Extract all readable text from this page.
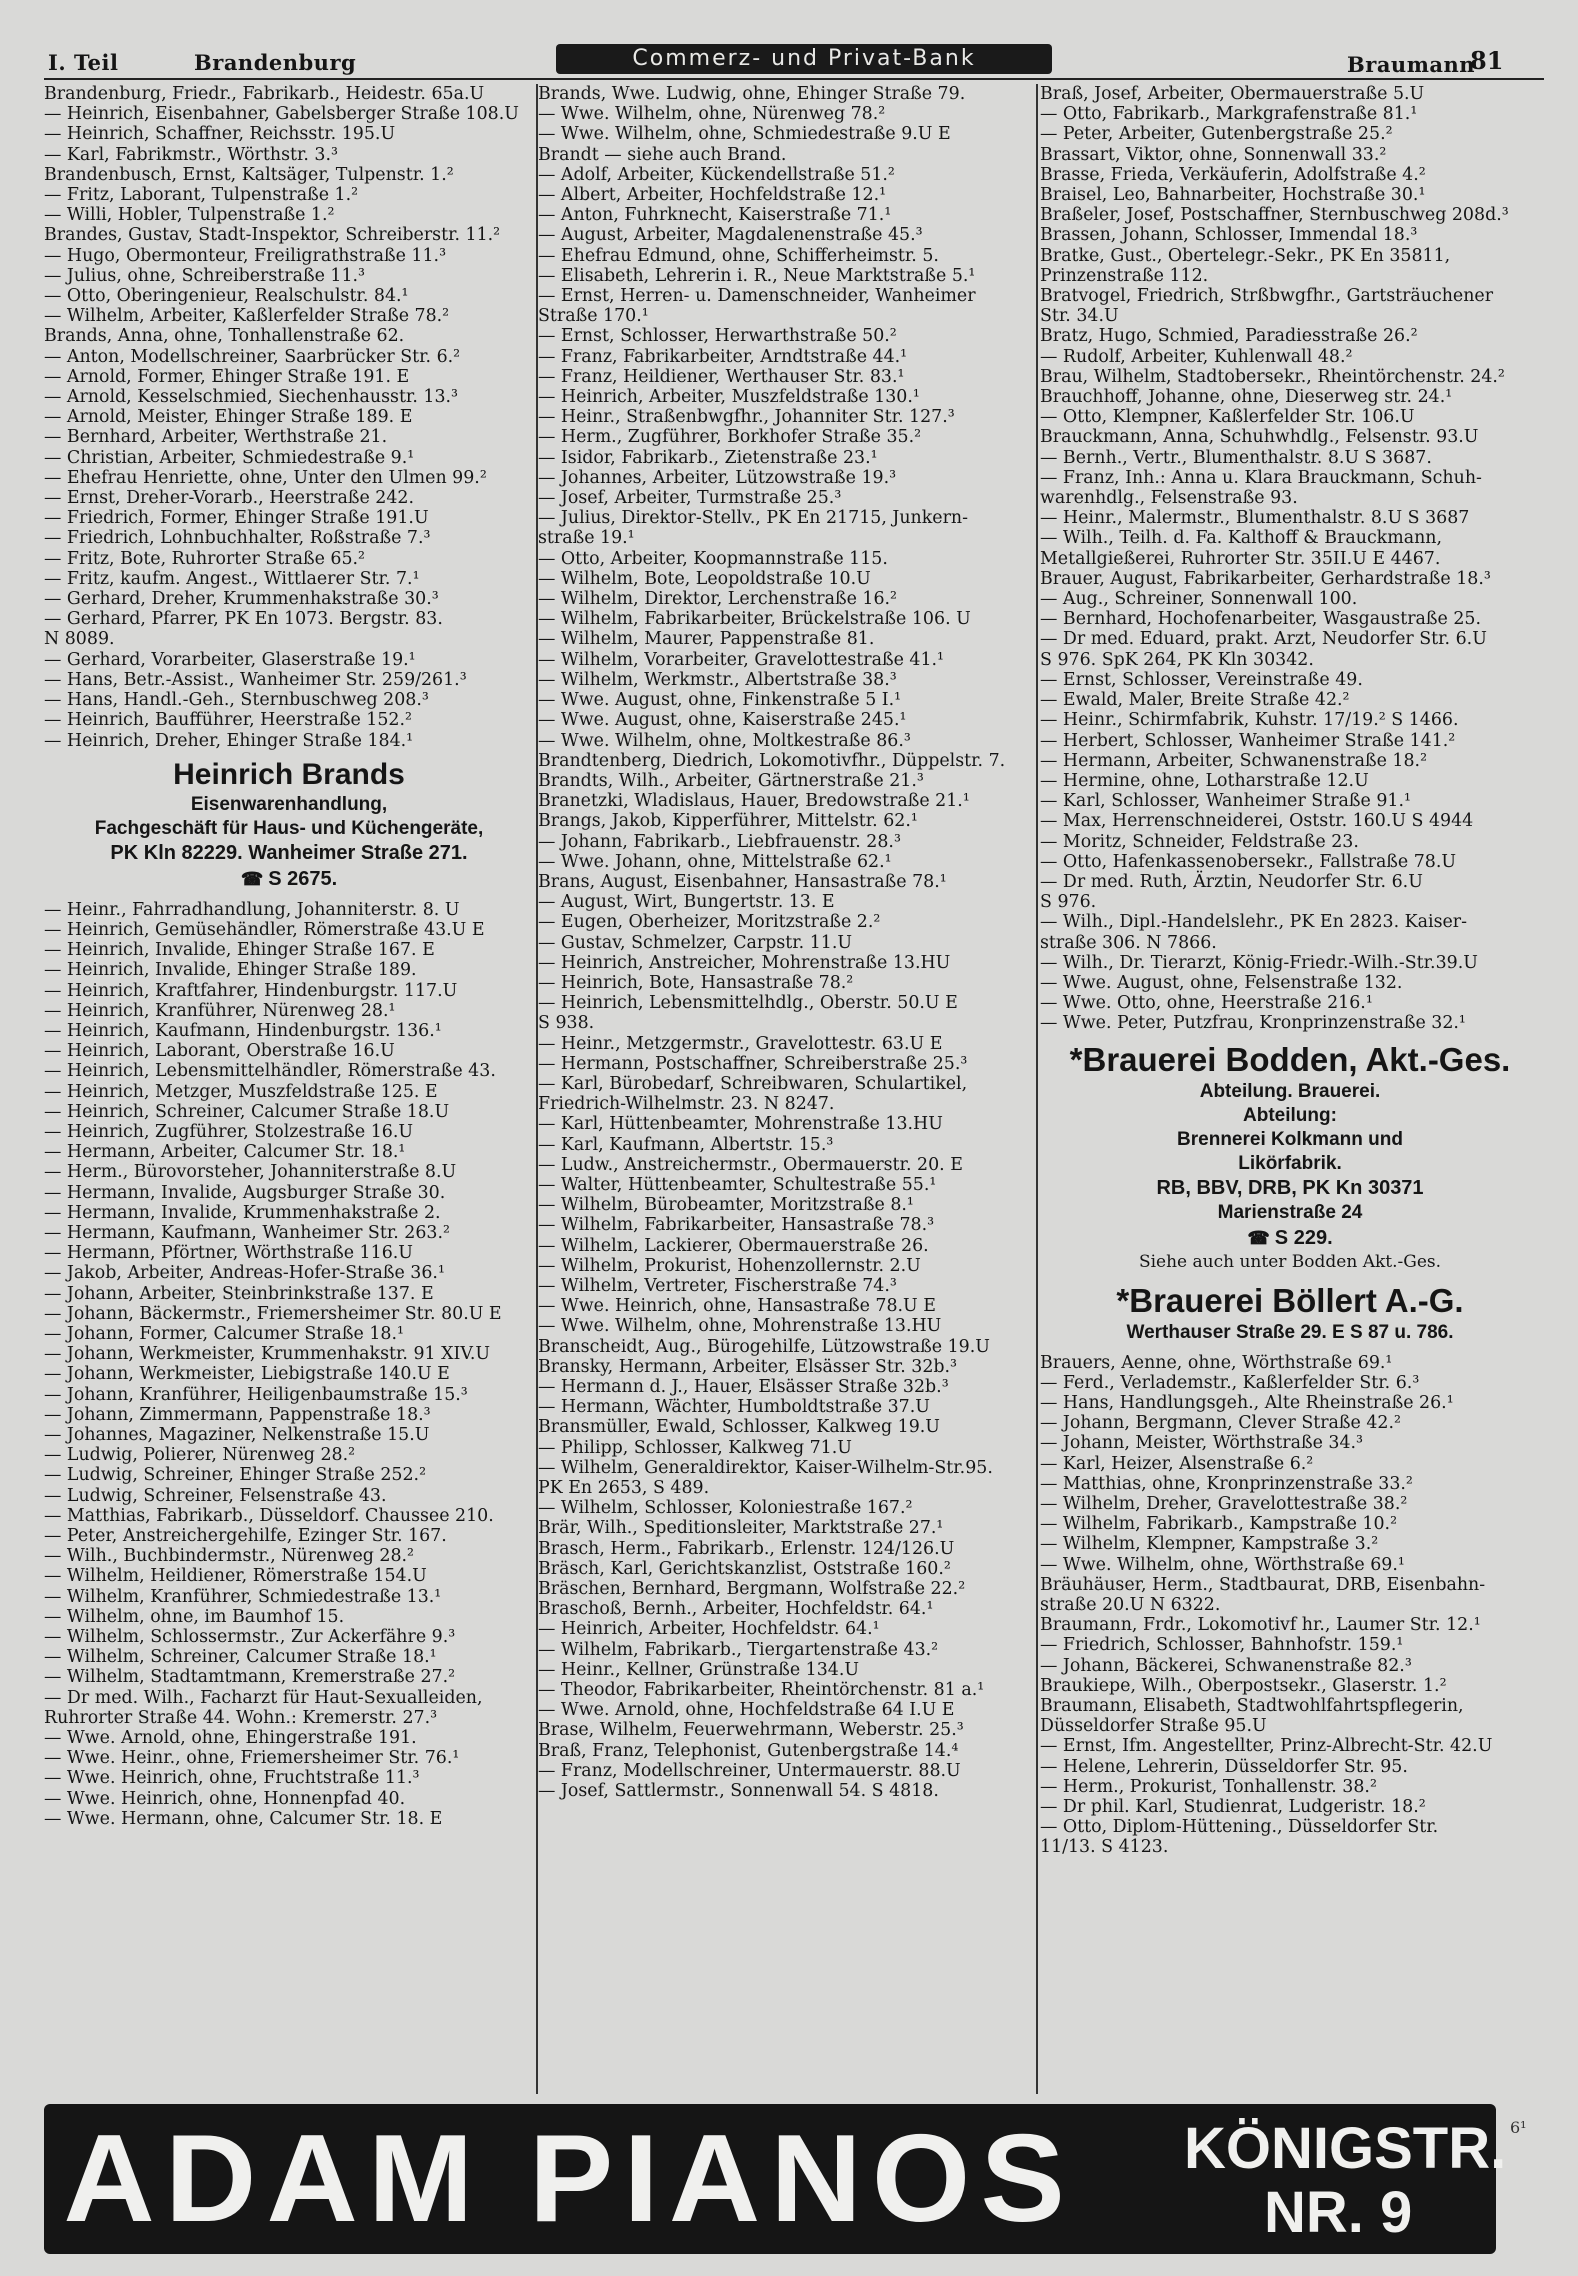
I. Teil	Brandenburg	Commerz- und Privat-Bank	Braumann
81
Brandenburg, Friedr., Fabrikarb., Heidestr. 65a.U
— Heinrich, Eisenbahner, Gabelsberger Straße 108.U
— Heinrich, Schaffner, Reichsstr. 195.U
— Karl, Fabrikmstr., Wörthstr. 3.³
Brandenbusch, Ernst, Kaltsäger, Tulpenstr. 1.²
— Fritz, Laborant, Tulpenstraße 1.²
— Willi, Hobler, Tulpenstraße 1.²
Brandes, Gustav, Stadt-Inspektor, Schreiberstr. 11.²
— Hugo, Obermonteur, Freiligrathstraße 11.³
— Julius, ohne, Schreiberstraße 11.³
— Otto, Oberingenieur, Realschulstr. 84.¹
— Wilhelm, Arbeiter, Kaßlerfelder Straße 78.²
Brands, Anna, ohne, Tonhallenstraße 62.
— Anton, Modellschreiner, Saarbrücker Str. 6.²
— Arnold, Former, Ehinger Straße 191. E
— Arnold, Kesselschmied, Siechenhausstr. 13.³
— Arnold, Meister, Ehinger Straße 189. E
— Bernhard, Arbeiter, Werthstraße 21.
— Christian, Arbeiter, Schmiedestraße 9.¹
— Ehefrau Henriette, ohne, Unter den Ulmen 99.²
— Ernst, Dreher-Vorarb., Heerstraße 242.
— Friedrich, Former, Ehinger Straße 191.U
— Friedrich, Lohnbuchhalter, Roßstraße 7.³
— Fritz, Bote, Ruhrorter Straße 65.²
— Fritz, kaufm. Angest., Wittlaerer Str. 7.¹
— Gerhard, Dreher, Krummenhakstraße 30.³
— Gerhard, Pfarrer, PK En 1073. Bergstr. 83.
N 8089.
— Gerhard, Vorarbeiter, Glaserstraße 19.¹
— Hans, Betr.-Assist., Wanheimer Str. 259/261.³
— Hans, Handl.-Geh., Sternbuschweg 208.³
— Heinrich, Baufführer, Heerstraße 152.²
— Heinrich, Dreher, Ehinger Straße 184.¹
Heinrich Brands
Eisenwarenhandlung,
Fachgeschäft für Haus- und Küchengeräte,
PK Kln 82229. Wanheimer Straße 271.
☎ S 2675.
— Heinr., Fahrradhandlung, Johanniterstr. 8. U
— Heinrich, Gemüsehändler, Römerstraße 43.U E
— Heinrich, Invalide, Ehinger Straße 167. E
— Heinrich, Invalide, Ehinger Straße 189.
— Heinrich, Kraftfahrer, Hindenburgstr. 117.U
— Heinrich, Kranführer, Nürenweg 28.¹
— Heinrich, Kaufmann, Hindenburgstr. 136.¹
— Heinrich, Laborant, Oberstraße 16.U
— Heinrich, Lebensmittelhändler, Römerstraße 43.
— Heinrich, Metzger, Muszfeldstraße 125. E
— Heinrich, Schreiner, Calcumer Straße 18.U
— Heinrich, Zugführer, Stolzestraße 16.U
— Hermann, Arbeiter, Calcumer Str. 18.¹
— Herm., Bürovorsteher, Johanniterstraße 8.U
— Hermann, Invalide, Augsburger Straße 30.
— Hermann, Invalide, Krummenhakstraße 2.
— Hermann, Kaufmann, Wanheimer Str. 263.²
— Hermann, Pförtner, Wörthstraße 116.U
— Jakob, Arbeiter, Andreas-Hofer-Straße 36.¹
— Johann, Arbeiter, Steinbrinkstraße 137. E
— Johann, Bäckermstr., Friemersheimer Str. 80.U E
— Johann, Former, Calcumer Straße 18.¹
— Johann, Werkmeister, Krummenhakstr. 91 XIV.U
— Johann, Werkmeister, Liebigstraße 140.U E
— Johann, Kranführer, Heiligenbaumstraße 15.³
— Johann, Zimmermann, Pappenstraße 18.³
— Johannes, Magaziner, Nelkenstraße 15.U
— Ludwig, Polierer, Nürenweg 28.²
— Ludwig, Schreiner, Ehinger Straße 252.²
— Ludwig, Schreiner, Felsenstraße 43.
— Matthias, Fabrikarb., Düsseldorf. Chaussee 210.
— Peter, Anstreichergehilfe, Ezinger Str. 167.
— Wilh., Buchbindermstr., Nürenweg 28.²
— Wilhelm, Heildiener, Römerstraße 154.U
— Wilhelm, Kranführer, Schmiedestraße 13.¹
— Wilhelm, ohne, im Baumhof 15.
— Wilhelm, Schlossermstr., Zur Ackerfähre 9.³
— Wilhelm, Schreiner, Calcumer Straße 18.¹
— Wilhelm, Stadtamtmann, Kremerstraße 27.²
— Dr med. Wilh., Facharzt für Haut-Sexualleiden,
Ruhrorter Straße 44. Wohn.: Kremerstr. 27.³
— Wwe. Arnold, ohne, Ehingerstraße 191.
— Wwe. Heinr., ohne, Friemersheimer Str. 76.¹
— Wwe. Heinrich, ohne, Fruchtstraße 11.³
— Wwe. Heinrich, ohne, Honnenpfad 40.
— Wwe. Hermann, ohne, Calcumer Str. 18. E
Brands, Wwe. Ludwig, ohne, Ehinger Straße 79.
— Wwe. Wilhelm, ohne, Nürenweg 78.²
— Wwe. Wilhelm, ohne, Schmiedestraße 9.U E
Brandt — siehe auch Brand.
— Adolf, Arbeiter, Kückendellstraße 51.²
— Albert, Arbeiter, Hochfeldstraße 12.¹
— Anton, Fuhrknecht, Kaiserstraße 71.¹
— August, Arbeiter, Magdalenenstraße 45.³
— Ehefrau Edmund, ohne, Schifferheimstr. 5.
— Elisabeth, Lehrerin i. R., Neue Marktstraße 5.¹
— Ernst, Herren- u. Damenschneider, Wanheimer
Straße 170.¹
— Ernst, Schlosser, Herwarthstraße 50.²
— Franz, Fabrikarbeiter, Arndtstraße 44.¹
— Franz, Heildiener, Werthauser Str. 83.¹
— Heinrich, Arbeiter, Muszfeldstraße 130.¹
— Heinr., Straßenbwgfhr., Johanniter Str. 127.³
— Herm., Zugführer, Borkhofer Straße 35.²
— Isidor, Fabrikarb., Zietenstraße 23.¹
— Johannes, Arbeiter, Lützowstraße 19.³
— Josef, Arbeiter, Turmstraße 25.³
— Julius, Direktor-Stellv., PK En 21715, Junkern-
straße 19.¹
— Otto, Arbeiter, Koopmannstraße 115.
— Wilhelm, Bote, Leopoldstraße 10.U
— Wilhelm, Direktor, Lerchenstraße 16.²
— Wilhelm, Fabrikarbeiter, Brückelstraße 106. U
— Wilhelm, Maurer, Pappenstraße 81.
— Wilhelm, Vorarbeiter, Gravelottestraße 41.¹
— Wilhelm, Werkmstr., Albertstraße 38.³
— Wwe. August, ohne, Finkenstraße 5 I.¹
— Wwe. August, ohne, Kaiserstraße 245.¹
— Wwe. Wilhelm, ohne, Moltkestraße 86.³
Brandtenberg, Diedrich, Lokomotivfhr., Düppelstr. 7.
Brandts, Wilh., Arbeiter, Gärtnerstraße 21.³
Branetzki, Wladislaus, Hauer, Bredowstraße 21.¹
Brangs, Jakob, Kipperführer, Mittelstr. 62.¹
— Johann, Fabrikarb., Liebfrauenstr. 28.³
— Wwe. Johann, ohne, Mittelstraße 62.¹
Brans, August, Eisenbahner, Hansastraße 78.¹
— August, Wirt, Bungertstr. 13. E
— Eugen, Oberheizer, Moritzstraße 2.²
— Gustav, Schmelzer, Carpstr. 11.U
— Heinrich, Anstreicher, Mohrenstraße 13.HU
— Heinrich, Bote, Hansastraße 78.²
— Heinrich, Lebensmittelhdlg., Oberstr. 50.U E
S 938.
— Heinr., Metzgermstr., Gravelottestr. 63.U E
— Hermann, Postschaffner, Schreiberstraße 25.³
— Karl, Bürobedarf, Schreibwaren, Schulartikel,
Friedrich-Wilhelmstr. 23. N 8247.
— Karl, Hüttenbeamter, Mohrenstraße 13.HU
— Karl, Kaufmann, Albertstr. 15.³
— Ludw., Anstreichermstr., Obermauerstr. 20. E
— Walter, Hüttenbeamter, Schultestraße 55.¹
— Wilhelm, Bürobeamter, Moritzstraße 8.¹
— Wilhelm, Fabrikarbeiter, Hansastraße 78.³
— Wilhelm, Lackierer, Obermauerstraße 26.
— Wilhelm, Prokurist, Hohenzollernstr. 2.U
— Wilhelm, Vertreter, Fischerstraße 74.³
— Wwe. Heinrich, ohne, Hansastraße 78.U E
— Wwe. Wilhelm, ohne, Mohrenstraße 13.HU
Branscheidt, Aug., Bürogehilfe, Lützowstraße 19.U
Bransky, Hermann, Arbeiter, Elsässer Str. 32b.³
— Hermann d. J., Hauer, Elsässer Straße 32b.³
— Hermann, Wächter, Humboldtstraße 37.U
Bransmüller, Ewald, Schlosser, Kalkweg 19.U
— Philipp, Schlosser, Kalkweg 71.U
— Wilhelm, Generaldirektor, Kaiser-Wilhelm-Str.95.
PK En 2653, S 489.
— Wilhelm, Schlosser, Koloniestraße 167.²
Brär, Wilh., Speditionsleiter, Marktstraße 27.¹
Brasch, Herm., Fabrikarb., Erlenstr. 124/126.U
Bräsch, Karl, Gerichtskanzlist, Oststraße 160.²
Bräschen, Bernhard, Bergmann, Wolfstraße 22.²
Braschoß, Bernh., Arbeiter, Hochfeldstr. 64.¹
— Heinrich, Arbeiter, Hochfeldstr. 64.¹
— Wilhelm, Fabrikarb., Tiergartenstraße 43.²
— Heinr., Kellner, Grünstraße 134.U
— Theodor, Fabrikarbeiter, Rheintörchenstr. 81 a.¹
— Wwe. Arnold, ohne, Hochfeldstraße 64 I.U E
Brase, Wilhelm, Feuerwehrmann, Weberstr. 25.³
Braß, Franz, Telephonist, Gutenbergstraße 14.⁴
— Franz, Modellschreiner, Untermauerstr. 88.U
— Josef, Sattlermstr., Sonnenwall 54. S 4818.
Braß, Josef, Arbeiter, Obermauerstraße 5.U
— Otto, Fabrikarb., Markgrafenstraße 81.¹
— Peter, Arbeiter, Gutenbergstraße 25.²
Brassart, Viktor, ohne, Sonnenwall 33.²
Brasse, Frieda, Verkäuferin, Adolfstraße 4.²
Braisel, Leo, Bahnarbeiter, Hochstraße 30.¹
Braßeler, Josef, Postschaffner, Sternbuschweg 208d.³
Brassen, Johann, Schlosser, Immendal 18.³
Bratke, Gust., Obertelegr.-Sekr., PK En 35811,
Prinzenstraße 112.
Bratvogel, Friedrich, Strßbwgfhr., Gartsträuchener
Str. 34.U
Bratz, Hugo, Schmied, Paradiesstraße 26.²
— Rudolf, Arbeiter, Kuhlenwall 48.²
Brau, Wilhelm, Stadtobersekr., Rheintörchenstr. 24.²
Brauchhoff, Johanne, ohne, Dieserweg str. 24.¹
— Otto, Klempner, Kaßlerfelder Str. 106.U
Brauckmann, Anna, Schuhwhdlg., Felsenstr. 93.U
— Bernh., Vertr., Blumenthalstr. 8.U S 3687.
— Franz, Inh.: Anna u. Klara Brauckmann, Schuh-
warenhdlg., Felsenstraße 93.
— Heinr., Malermstr., Blumenthalstr. 8.U S 3687
— Wilh., Teilh. d. Fa. Kalthoff & Brauckmann,
Metallgießerei, Ruhrorter Str. 35II.U E 4467.
Brauer, August, Fabrikarbeiter, Gerhardstraße 18.³
— Aug., Schreiner, Sonnenwall 100.
— Bernhard, Hochofenarbeiter, Wasgaustraße 25.
— Dr med. Eduard, prakt. Arzt, Neudorfer Str. 6.U
S 976. SpK 264, PK Kln 30342.
— Ernst, Schlosser, Vereinstraße 49.
— Ewald, Maler, Breite Straße 42.²
— Heinr., Schirmfabrik, Kuhstr. 17/19.² S 1466.
— Herbert, Schlosser, Wanheimer Straße 141.²
— Hermann, Arbeiter, Schwanenstraße 18.²
— Hermine, ohne, Lotharstraße 12.U
— Karl, Schlosser, Wanheimer Straße 91.¹
— Max, Herrenschneiderei, Oststr. 160.U S 4944
— Moritz, Schneider, Feldstraße 23.
— Otto, Hafenkassenobersekr., Fallstraße 78.U
— Dr med. Ruth, Ärztin, Neudorfer Str. 6.U
S 976.
— Wilh., Dipl.-Handelslehr., PK En 2823. Kaiser-
straße 306. N 7866.
— Wilh., Dr. Tierarzt, König-Friedr.-Wilh.-Str.39.U
— Wwe. August, ohne, Felsenstraße 132.
— Wwe. Otto, ohne, Heerstraße 216.¹
— Wwe. Peter, Putzfrau, Kronprinzenstraße 32.¹
*Brauerei Bodden, Akt.-Ges.
Abteilung. Brauerei.
Abteilung:
Brennerei Kolkmann und
Likörfabrik.
RB, BBV, DRB, PK Kn 30371
Marienstraße 24
☎ S 229.
Siehe auch unter Bodden Akt.-Ges.
*Brauerei Böllert A.-G.
Werthauser Straße 29. E S 87 u. 786.
Brauers, Aenne, ohne, Wörthstraße 69.¹
— Ferd., Verlademstr., Kaßlerfelder Str. 6.³
— Hans, Handlungsgeh., Alte Rheinstraße 26.¹
— Johann, Bergmann, Clever Straße 42.²
— Johann, Meister, Wörthstraße 34.³
— Karl, Heizer, Alsenstraße 6.²
— Matthias, ohne, Kronprinzenstraße 33.²
— Wilhelm, Dreher, Gravelottestraße 38.²
— Wilhelm, Fabrikarb., Kampstraße 10.²
— Wilhelm, Klempner, Kampstraße 3.²
— Wwe. Wilhelm, ohne, Wörthstraße 69.¹
Bräuhäuser, Herm., Stadtbaurat, DRB, Eisenbahn-
straße 20.U N 6322.
Braumann, Frdr., Lokomotivf hr., Laumer Str. 12.¹
— Friedrich, Schlosser, Bahnhofstr. 159.¹
— Johann, Bäckerei, Schwanenstraße 82.³
Braukiepe, Wilh., Oberpostsekr., Glaserstr. 1.²
Braumann, Elisabeth, Stadtwohlfahrtspflegerin,
Düsseldorfer Straße 95.U
— Ernst, Ifm. Angestellter, Prinz-Albrecht-Str. 42.U
— Helene, Lehrerin, Düsseldorfer Str. 95.
— Herm., Prokurist, Tonhallenstr. 38.²
— Dr phil. Karl, Studienrat, Ludgeristr. 18.²
— Otto, Diplom-Hüttening., Düsseldorfer Str.
11/13. S 4123.
ADAM PIANOS	KÖNIGSTR.
NR. 9
6¹
